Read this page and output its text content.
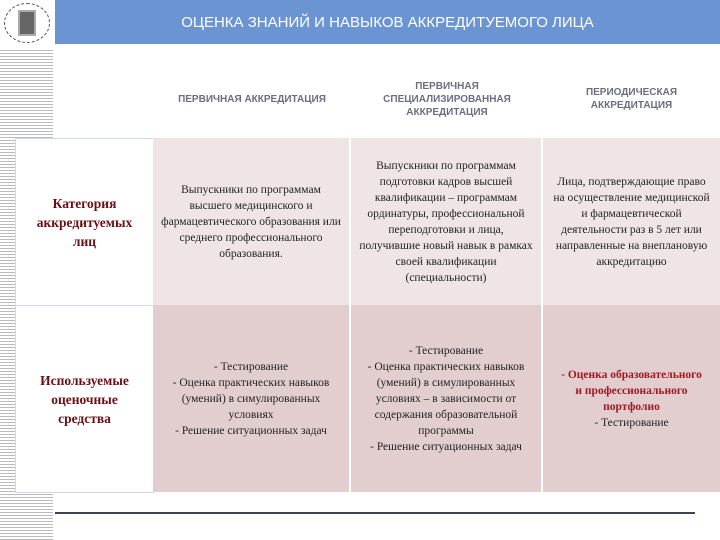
ОЦЕНКА ЗНАНИЙ И НАВЫКОВ АККРЕДИТУЕМОГО ЛИЦА
ПЕРВИЧНАЯ АККРЕДИТАЦИЯ
ПЕРВИЧНАЯ СПЕЦИАЛИЗИРОВАННАЯ АККРЕДИТАЦИЯ
ПЕРИОДИЧЕСКАЯ АККРЕДИТАЦИЯ
Категория аккредитуемых лиц
Выпускники по программам высшего медицинского и фармацевтического образования или среднего профессионального образования.
Выпускники по программам подготовки кадров высшей квалификации – программам ординатуры, профессиональной переподготовки и лица, получившие новый навык в рамках своей квалификации (специальности)
Лица, подтверждающие право на осуществление медицинской и фармацевтической деятельности раз в 5 лет или направленные на внеплановую аккредитацию
Используемые оценочные средства
- Тестирование
- Оценка практических навыков (умений) в симулированных условиях
- Решение ситуационных задач
- Тестирование
- Оценка практических навыков (умений) в симулированных условиях – в зависимости от содержания образовательной программы
- Решение ситуационных задач
- Оценка образовательного и профессионального портфолио
- Тестирование
